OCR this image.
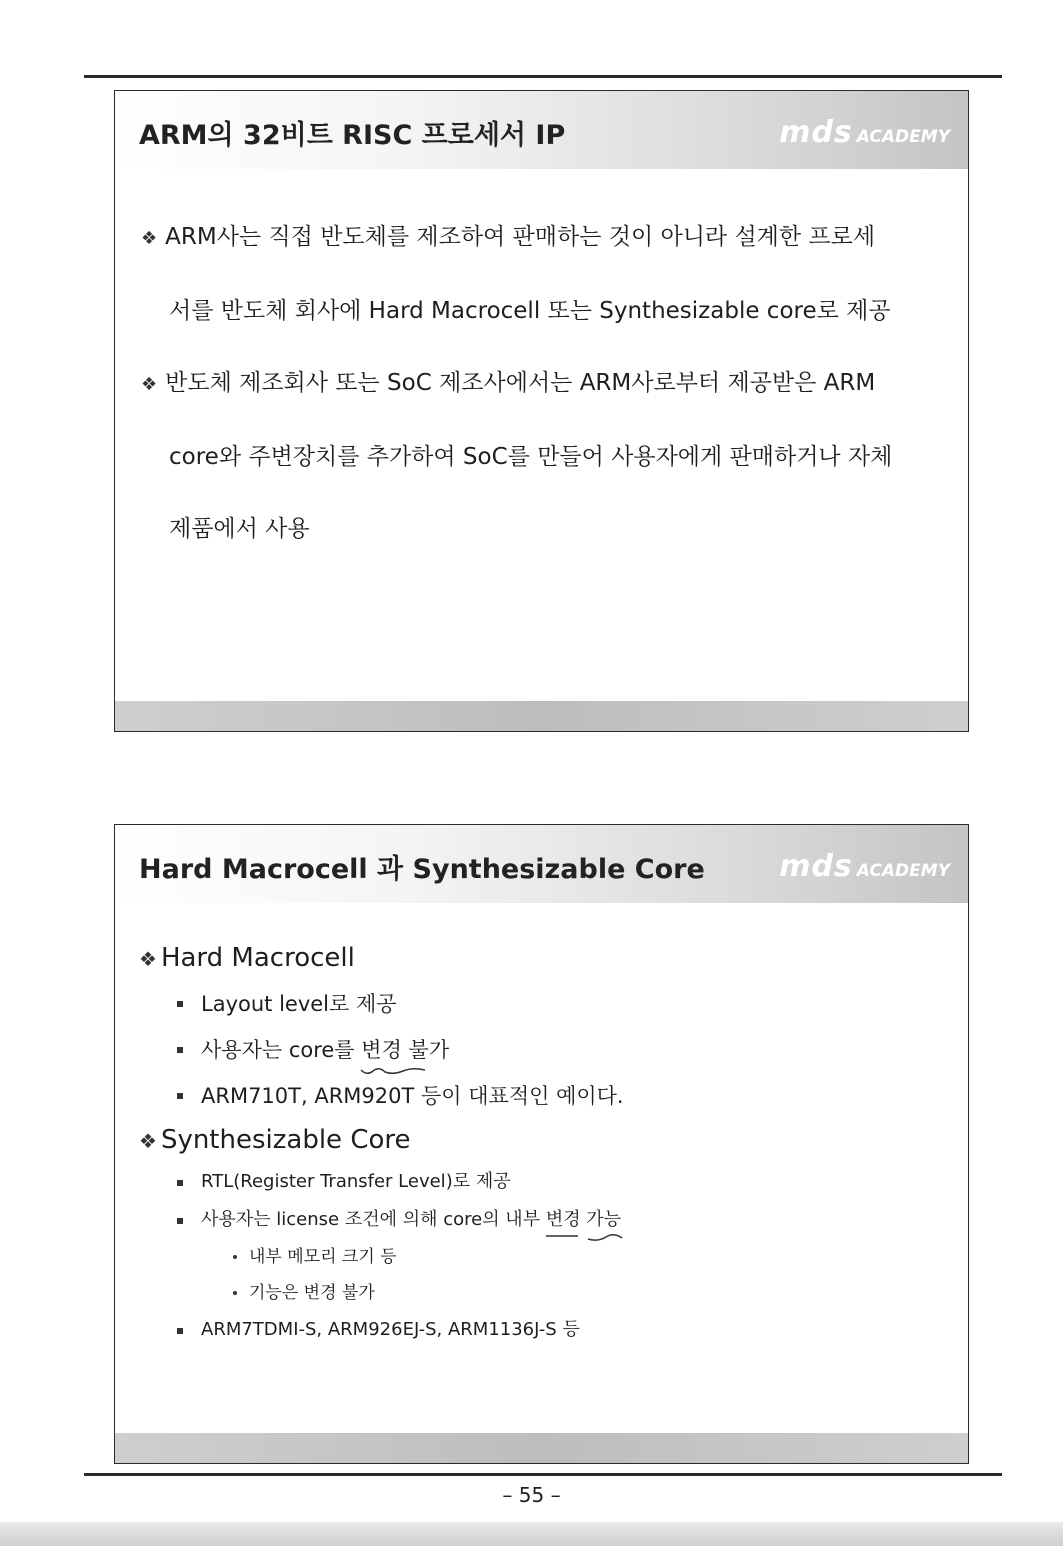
ARM의 32비트 RISC 프로세서 IP	mds ACADEMY

❖ ARM사는 직접 반도체를 제조하여 판매하는 것이 아니라 설계한 프로세
서를 반도체 회사에 Hard Macrocell 또는 Synthesizable core로 제공

❖ 반도체 제조회사 또는 SoC 제조사에서는 ARM사로부터 제공받은 ARM
core와 주변장치를 추가하여 SoC를 만들어 사용자에게 판매하거나 자체
제품에서 사용

Hard Macrocell 과 Synthesizable Core mds ACADEMY

❖ Hard Macrocell

Layout level로 제공
사용자는 core를 변경 불가
ARM710T, ARM920T 등이 대표적인 예이다.

❖ Synthesizable Core

RTL(Register Transfer Level)로 제공
사용자는 license 조건에 의해 core의 내부 변경 가능
내부 메모리 크기 등
기능은 변경 불가
ARM7TDMI-S, ARM926EJ-S, ARM1136J-S 등
– 55 –
